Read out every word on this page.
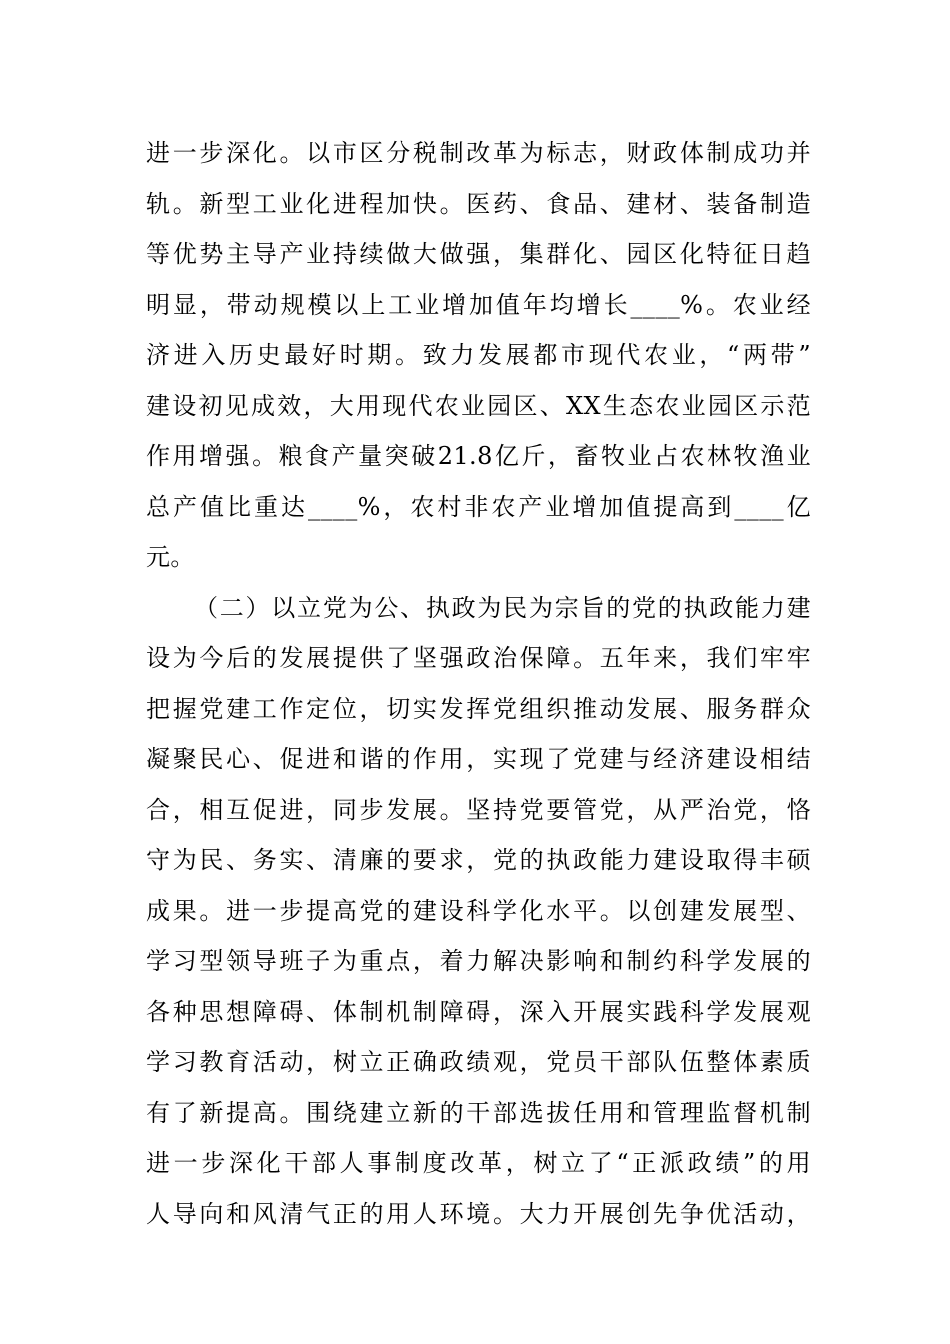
进一步深化。以市区分税制改革为标志，财政体制成功并
轨。新型工业化进程加快。医药、食品、建材、装备制造
等优势主导产业持续做大做强，集群化、园区化特征日趋
明显，带动规模以上工业增加值年均增长____%。农业经
济进入历史最好时期。致力发展都市现代农业，“两带”
建设初见成效，大用现代农业园区、XX生态农业园区示范
作用增强。粮食产量突破21.8亿斤，畜牧业占农林牧渔业
总产值比重达____%，农村非农产业增加值提高到____亿
元。
（二）以立党为公、执政为民为宗旨的党的执政能力建
设为今后的发展提供了坚强政治保障。五年来，我们牢牢
把握党建工作定位，切实发挥党组织推动发展、服务群众
凝聚民心、促进和谐的作用，实现了党建与经济建设相结
合，相互促进，同步发展。坚持党要管党，从严治党，恪
守为民、务实、清廉的要求，党的执政能力建设取得丰硕
成果。进一步提高党的建设科学化水平。以创建发展型、
学习型领导班子为重点，着力解决影响和制约科学发展的
各种思想障碍、体制机制障碍，深入开展实践科学发展观
学习教育活动，树立正确政绩观，党员干部队伍整体素质
有了新提高。围绕建立新的干部选拔任用和管理监督机制
进一步深化干部人事制度改革，树立了“正派政绩”的用
人导向和风清气正的用人环境。大力开展创先争优活动，
